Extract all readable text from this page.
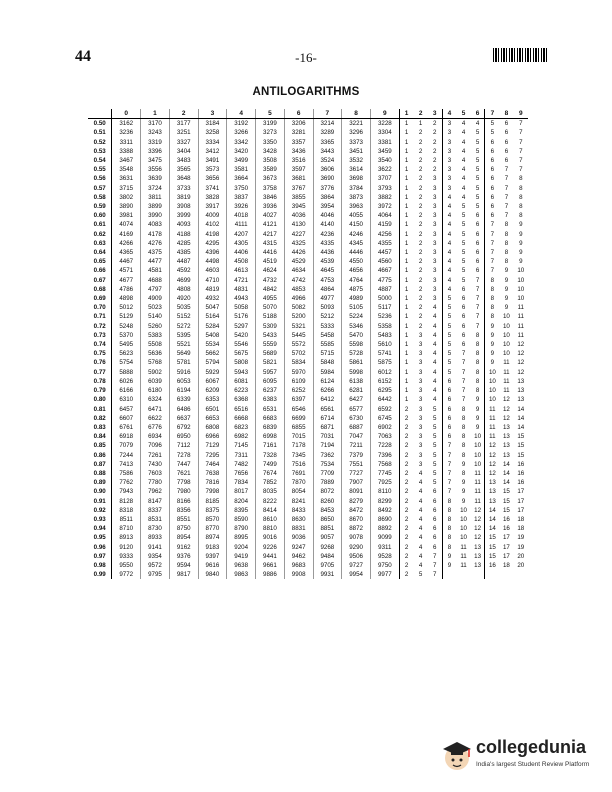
44	-16-
ANTILOGARITHMS
	0	1	2	3	4	5	6	7	8	9	1	2	3	4	5	6	7	8	9
0.50	3162	3170	3177	3184	3192	3199	3206	3214	3221	3228	1	1	2	3	4	4	5	6	7
0.51	3236	3243	3251	3258	3266	3273	3281	3289	3296	3304	1	2	2	3	4	5	5	6	7
0.52	3311	3319	3327	3334	3342	3350	3357	3365	3373	3381	1	2	2	3	4	5	6	6	7
0.53	3388	3396	3404	3412	3420	3428	3436	3443	3451	3459	1	2	2	3	4	5	6	6	7
0.54	3467	3475	3483	3491	3499	3508	3516	3524	3532	3540	1	2	2	3	4	5	6	6	7
0.55	3548	3556	3565	3573	3581	3589	3597	3606	3614	3622	1	2	2	3	4	5	6	7	7
0.56	3631	3639	3648	3656	3664	3673	3681	3690	3698	3707	1	2	3	3	4	5	6	7	8
0.57	3715	3724	3733	3741	3750	3758	3767	3776	3784	3793	1	2	3	3	4	5	6	7	8
0.58	3802	3811	3819	3828	3837	3846	3855	3864	3873	3882	1	2	3	4	4	5	6	7	8
0.59	3890	3899	3908	3917	3926	3936	3945	3954	3963	3972	1	2	3	4	5	5	6	7	8
0.60	3981	3990	3999	4009	4018	4027	4036	4046	4055	4064	1	2	3	4	5	6	6	7	8
0.61	4074	4083	4093	4102	4111	4121	4130	4140	4150	4159	1	2	3	4	5	6	7	8	9
0.62	4169	4178	4188	4198	4207	4217	4227	4236	4246	4256	1	2	3	4	5	6	7	8	9
0.63	4266	4276	4285	4295	4305	4315	4325	4335	4345	4355	1	2	3	4	5	6	7	8	9
0.64	4365	4375	4385	4396	4406	4416	4426	4436	4446	4457	1	2	3	4	5	6	7	8	9
0.65	4467	4477	4487	4498	4508	4519	4529	4539	4550	4560	1	2	3	4	5	6	7	8	9
0.66	4571	4581	4592	4603	4613	4624	4634	4645	4656	4667	1	2	3	4	5	6	7	9	10
0.67	4677	4688	4699	4710	4721	4732	4742	4753	4764	4775	1	2	3	4	5	7	8	9	10
0.68	4786	4797	4808	4819	4831	4842	4853	4864	4875	4887	1	2	3	4	6	7	8	9	10
0.69	4898	4909	4920	4932	4943	4955	4966	4977	4989	5000	1	2	3	5	6	7	8	9	10
0.70	5012	5023	5035	5047	5058	5070	5082	5093	5105	5117	1	2	4	5	6	7	8	9	11
0.71	5129	5140	5152	5164	5176	5188	5200	5212	5224	5236	1	2	4	5	6	7	8	10	11
0.72	5248	5260	5272	5284	5297	5309	5321	5333	5346	5358	1	2	4	5	6	7	9	10	11
0.73	5370	5383	5395	5408	5420	5433	5445	5458	5470	5483	1	3	4	5	6	8	9	10	11
0.74	5495	5508	5521	5534	5546	5559	5572	5585	5598	5610	1	3	4	5	6	8	9	10	12
0.75	5623	5636	5649	5662	5675	5689	5702	5715	5728	5741	1	3	4	5	7	8	9	10	12
0.76	5754	5768	5781	5794	5808	5821	5834	5848	5861	5875	1	3	4	5	7	8	9	11	12
0.77	5888	5902	5916	5929	5943	5957	5970	5984	5998	6012	1	3	4	5	7	8	10	11	12
0.78	6026	6039	6053	6067	6081	6095	6109	6124	6138	6152	1	3	4	6	7	8	10	11	13
0.79	6166	6180	6194	6209	6223	6237	6252	6266	6281	6295	1	3	4	6	7	8	10	11	13
0.80	6310	6324	6339	6353	6368	6383	6397	6412	6427	6442	1	3	4	6	7	9	10	12	13
0.81	6457	6471	6486	6501	6516	6531	6546	6561	6577	6592	2	3	5	6	8	9	11	12	14
0.82	6607	6622	6637	6653	6668	6683	6699	6714	6730	6745	2	3	5	6	8	9	11	12	14
0.83	6761	6776	6792	6808	6823	6839	6855	6871	6887	6902	2	3	5	6	8	9	11	13	14
0.84	6918	6934	6950	6966	6982	6998	7015	7031	7047	7063	2	3	5	6	8	10	11	13	15
0.85	7079	7096	7112	7129	7145	7161	7178	7194	7211	7228	2	3	5	7	8	10	12	13	15
0.86	7244	7261	7278	7295	7311	7328	7345	7362	7379	7396	2	3	5	7	8	10	12	13	15
0.87	7413	7430	7447	7464	7482	7499	7516	7534	7551	7568	2	3	5	7	9	10	12	14	16
0.88	7586	7603	7621	7638	7656	7674	7691	7709	7727	7745	2	4	5	7	8	11	12	14	16
0.89	7762	7780	7798	7816	7834	7852	7870	7889	7907	7925	2	4	5	7	9	11	13	14	16
0.90	7943	7962	7980	7998	8017	8035	8054	8072	8091	8110	2	4	6	7	9	11	13	15	17
0.91	8128	8147	8166	8185	8204	8222	8241	8260	8279	8299	2	4	6	8	9	11	13	15	17
0.92	8318	8337	8356	8375	8395	8414	8433	8453	8472	8492	2	4	6	8	10	12	14	15	17
0.93	8511	8531	8551	8570	8590	8610	8630	8650	8670	8690	2	4	6	8	10	12	14	16	18
0.94	8710	8730	8750	8770	8790	8810	8831	8851	8872	8892	2	4	6	8	10	12	14	16	18
0.95	8913	8933	8954	8974	8995	9016	9036	9057	9078	9099	2	4	6	8	10	12	15	17	19
0.96	9120	9141	9162	9183	9204	9226	9247	9268	9290	9311	2	4	6	8	11	13	15	17	19
0.97	9333	9354	9376	9397	9419	9441	9462	9484	9506	9528	2	4	7	9	11	13	15	17	20
0.98	9550	9572	9594	9616	9638	9661	9683	9705	9727	9750	2	4	7	9	11	13	16	18	20
0.99	9772	9795	9817	9840	9863	9886	9908	9931	9954	9977	2	5	7						
collegedunia
India's largest Student Review Platform
